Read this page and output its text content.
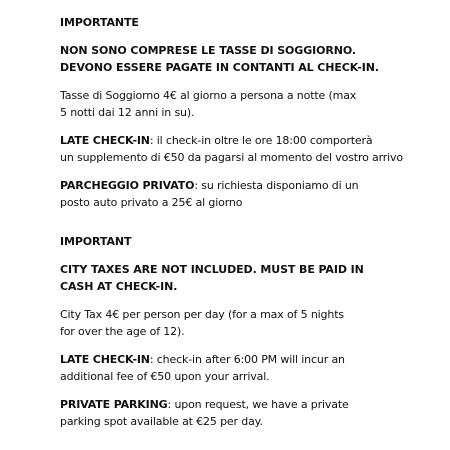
IMPORTANTE
NON SONO COMPRESE LE TASSE DI SOGGIORNO.
DEVONO ESSERE PAGATE IN CONTANTI AL CHECK-IN.
Tasse di Soggiorno 4€ al giorno a persona a notte (max
5 notti dai 12 anni in su).
LATE CHECK-IN: il check-in oltre le ore 18:00 comporterà
un supplemento di €50 da pagarsi al momento del vostro arrivo
PARCHEGGIO PRIVATO: su richiesta disponiamo di un
posto auto privato a 25€ al giorno
IMPORTANT
CITY TAXES ARE NOT INCLUDED. MUST BE PAID IN
CASH AT CHECK-IN.
City Tax 4€ per person per day (for a max of 5 nights
for over the age of 12).
LATE CHECK-IN: check-in after 6:00 PM will incur an
additional fee of €50 upon your arrival.
PRIVATE PARKING: upon request, we have a private
parking spot available at €25 per day.
